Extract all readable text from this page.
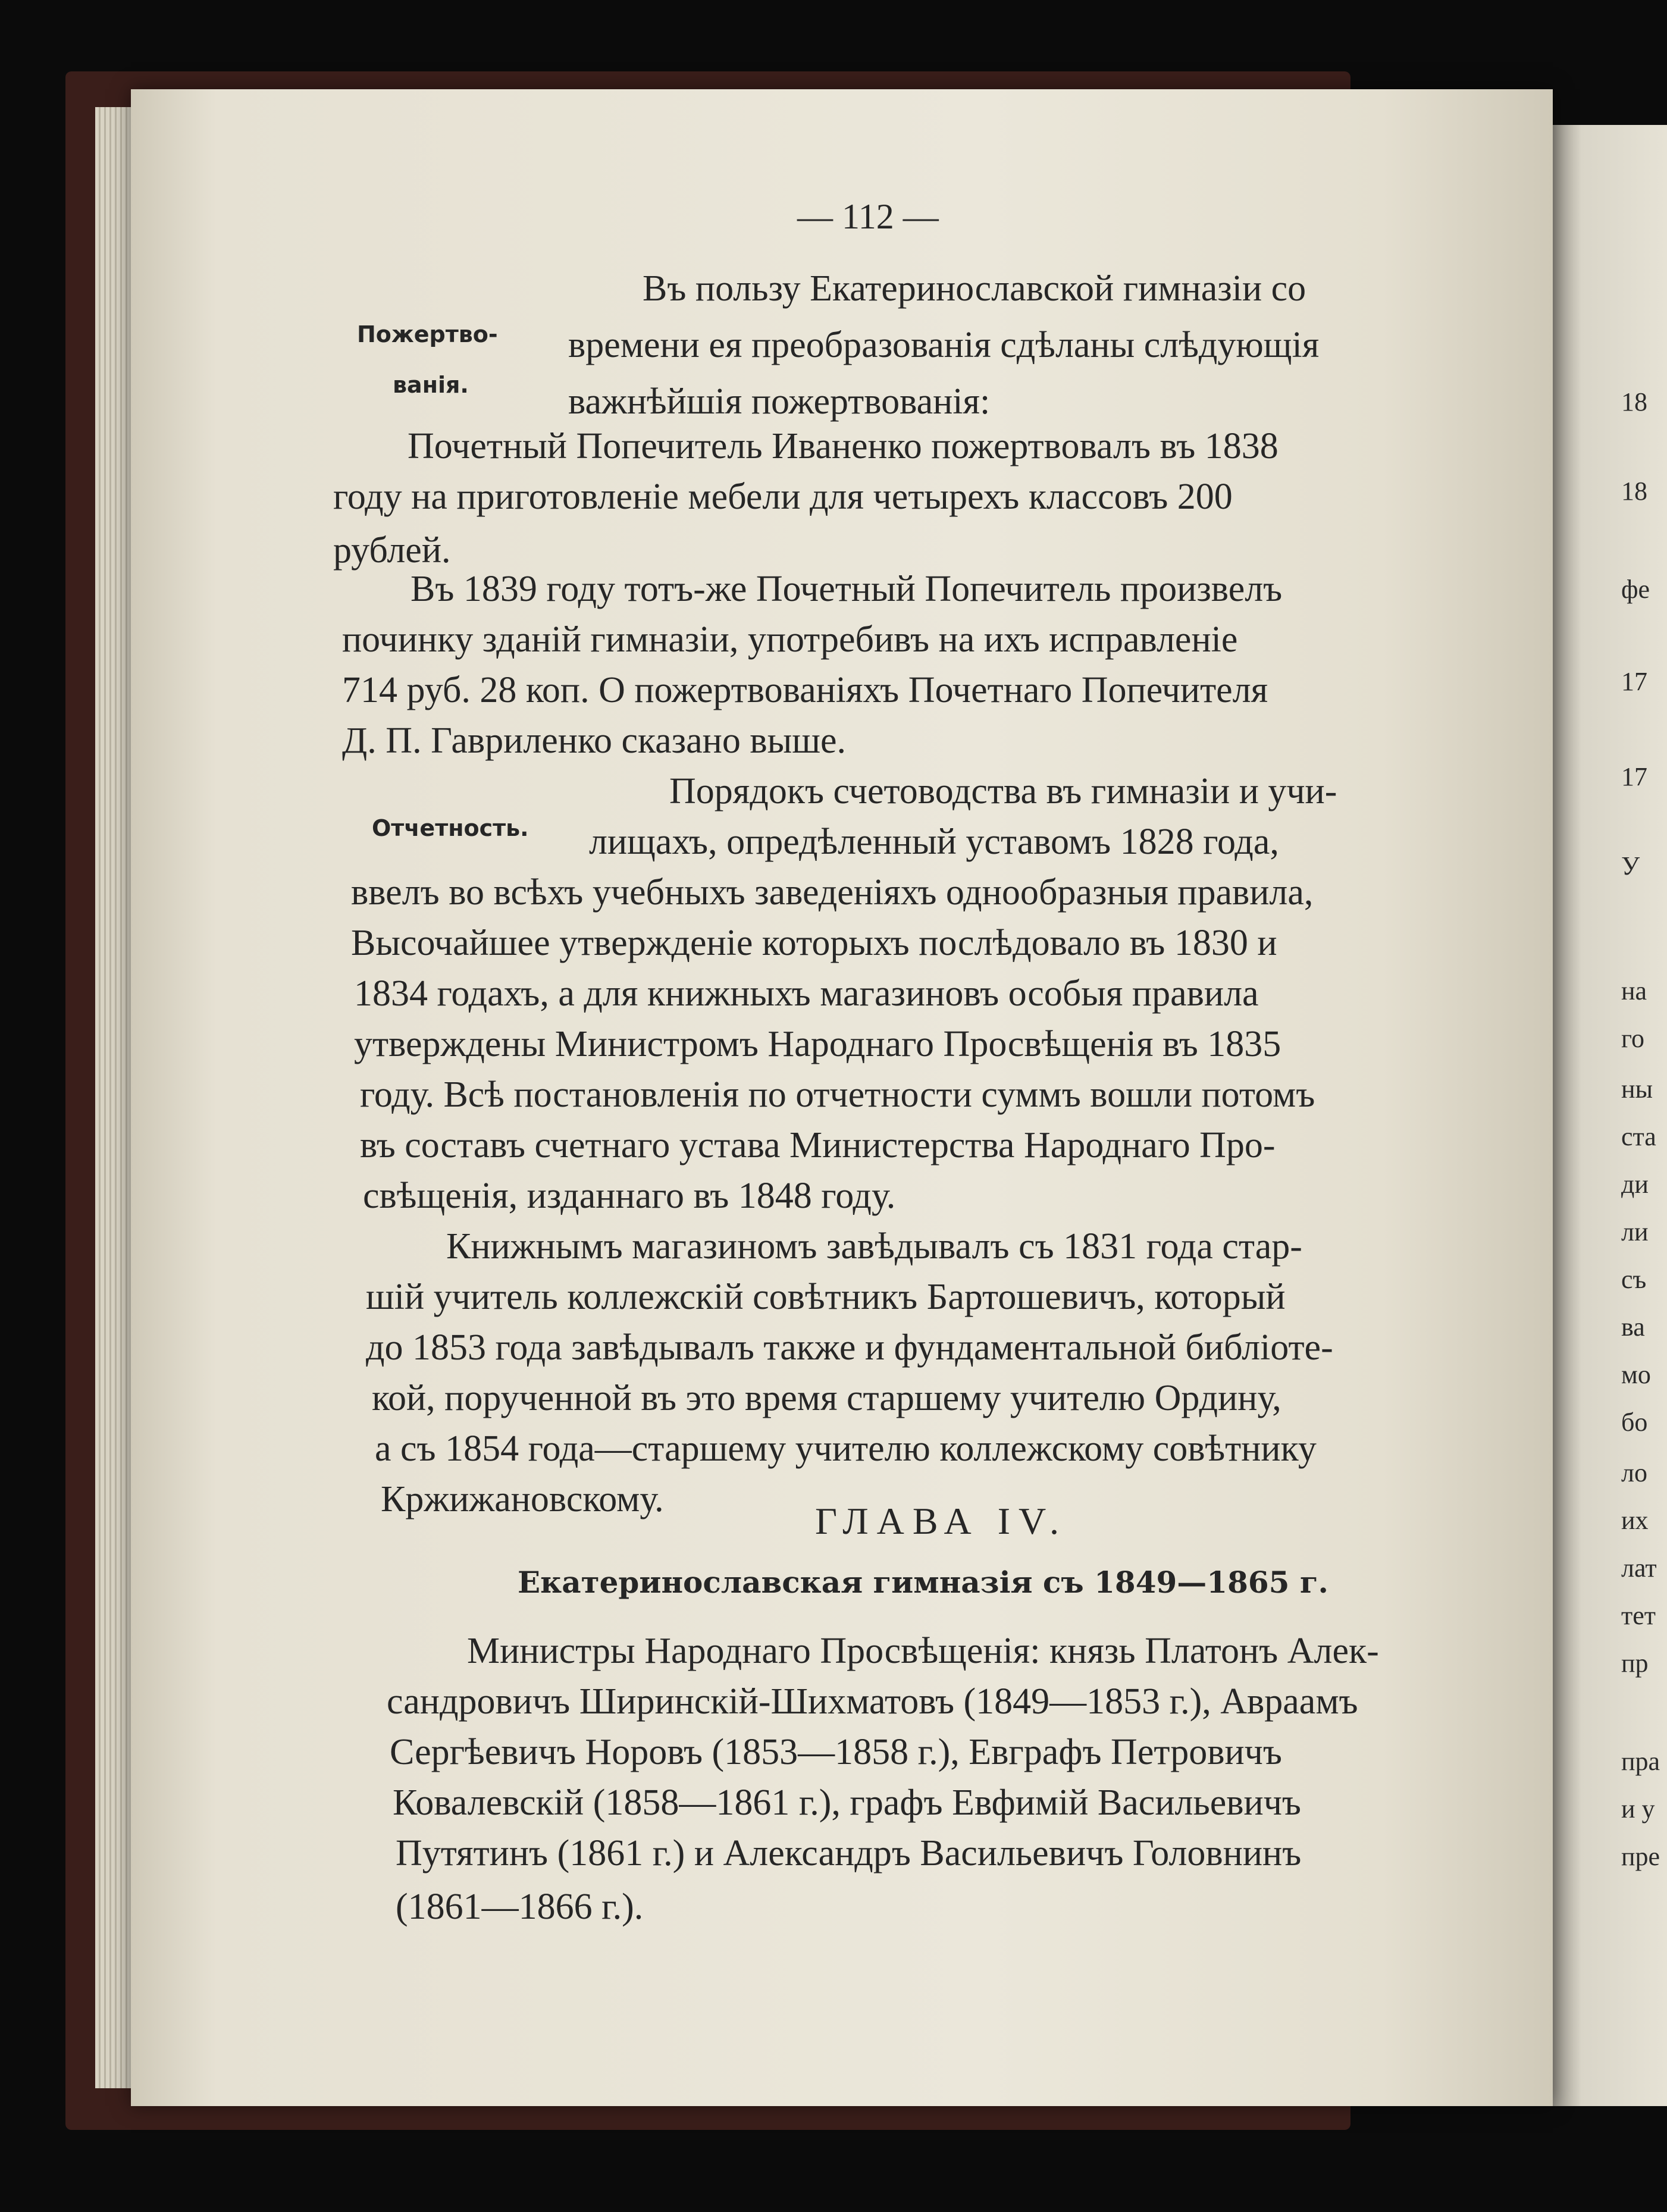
18
18
фе
17
17
У
на
го
ны
ста
ди
ли
съ
ва
мо
бо
ло
их
лат
тет
пр
пра
и у
пре
— 112 —
Пожертво-
ванія.
Отчетность.
Въ пользу Екатеринославской гимназіи со
времени ея преобразованія сдѣланы слѣдующія
важнѣйшія пожертвованія:
Почетный Попечитель Иваненко пожертвовалъ въ 1838
году на приготовленіе мебели для четырехъ классовъ 200
рублей.
Въ 1839 году тотъ-же Почетный Попечитель произвелъ
починку зданій гимназіи, употребивъ на ихъ исправленіе
714 руб. 28 коп. О пожертвованіяхъ Почетнаго Попечителя
Д. П. Гавриленко сказано выше.
Порядокъ счетоводства въ гимназіи и учи-
лищахъ, опредѣленный уставомъ 1828 года,
ввелъ во всѣхъ учебныхъ заведеніяхъ однообразныя правила,
Высочайшее утвержденіе которыхъ послѣдовало въ 1830 и
1834 годахъ, а для книжныхъ магазиновъ особыя правила
утверждены Министромъ Народнаго Просвѣщенія въ 1835
году. Всѣ постановленія по отчетности суммъ вошли потомъ
въ составъ счетнаго устава Министерства Народнаго Про-
свѣщенія, изданнаго въ 1848 году.
Книжнымъ магазиномъ завѣдывалъ съ 1831 года стар-
шій учитель коллежскій совѣтникъ Бартошевичъ, который
до 1853 года завѣдывалъ также и фундаментальной библіоте-
кой, порученной въ это время старшему учителю Ордину,
а съ 1854 года—старшему учителю коллежскому совѣтнику
Кржижановскому.
ГЛАВА IV.
Екатеринославская гимназія съ 1849—1865 г.
Министры Народнаго Просвѣщенія: князь Платонъ Алек-
сандровичъ Ширинскій-Шихматовъ (1849—1853 г.), Авраамъ
Сергѣевичъ Норовъ (1853—1858 г.), Евграфъ Петровичъ
Ковалевскій (1858—1861 г.), графъ Евфимій Васильевичъ
Путятинъ (1861 г.) и Александръ Васильевичъ Головнинъ
(1861—1866 г.).
